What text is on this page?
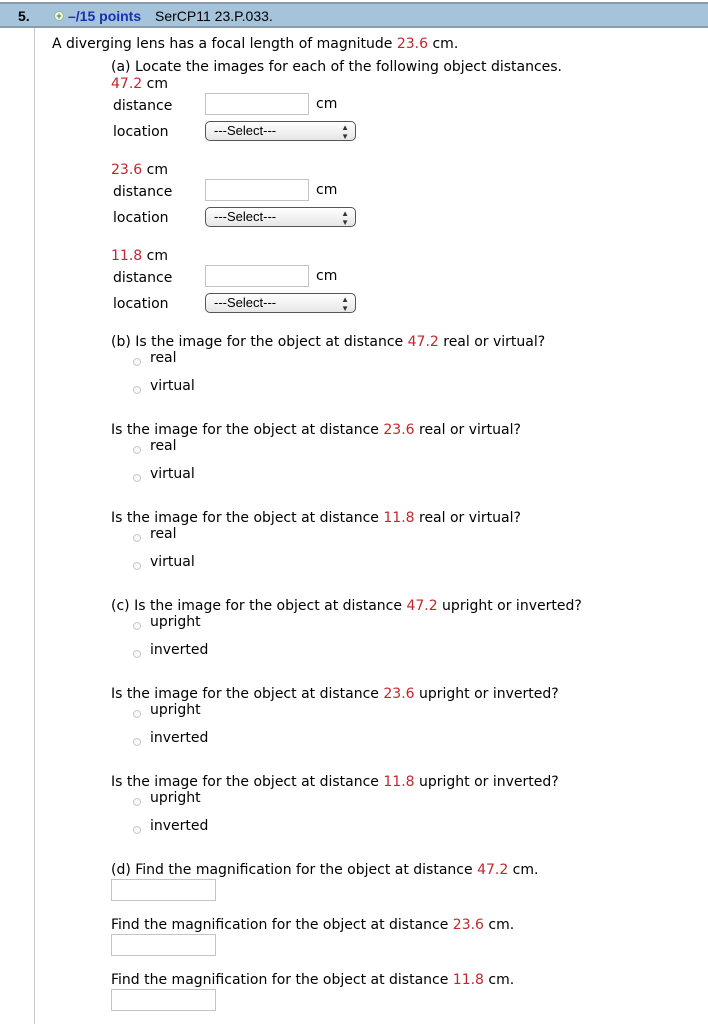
5.	+ –/15 points SerCP11 23.P.033.
A diverging lens has a focal length of magnitude 23.6 cm.
(a) Locate the images for each of the following object distances.
47.2 cm
distance	cm
location	---Select---	▲
▼
23.6 cm
distance	cm
location	---Select---	▲
▼
11.8 cm
distance	cm
location	---Select---	▲
▼
(b) Is the image for the object at distance 47.2 real or virtual?
real
virtual
Is the image for the object at distance 23.6 real or virtual?
real
virtual
Is the image for the object at distance 11.8 real or virtual?
real
virtual
(c) Is the image for the object at distance 47.2 upright or inverted?
upright
inverted
Is the image for the object at distance 23.6 upright or inverted?
upright
inverted
Is the image for the object at distance 11.8 upright or inverted?
upright
inverted
(d) Find the magnification for the object at distance 47.2 cm.
Find the magnification for the object at distance 23.6 cm.
Find the magnification for the object at distance 11.8 cm.
